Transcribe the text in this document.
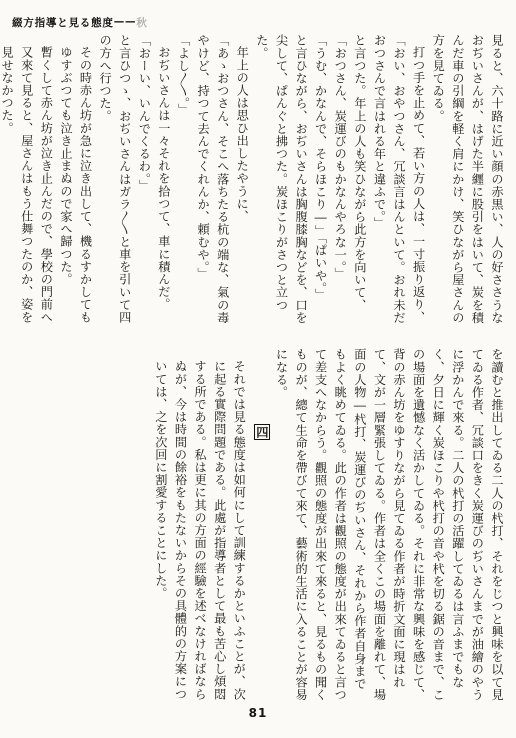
綴方指導と見る態度 —— 秋
見ると、六十路に近い顔の赤黒い、人の好ささうなおぢいさんが、はげた半纒に股引をはいて、炭を積んだ車の引綱を軽く肩にかけ、笑ひながら屋さんの方を見てゐる。
打つ手を止めて、若い方の人は、一寸振り返り、
「おい、おやつさん、冗談言はんといて。おれ未だおつさんで言はれる年と違ふで。」
と言つた。年上の人も笑ひながら此方を向いて、
「おつさん、炭運びのもかなんやろな一。」
「うむ、かなんで、そらほこり―」「ぱいや。」
と言ひながら、おぢいさんは胸腹膝胸などを、口を尖して、ぱんぐと拂つた。炭ほこりがさつと立つた。
年上の人は思ひ出したやうに、
「あゝおつさん、そこへ落ちたる杭の端な、氣の毒やけど、持つて去んでくれんか、頼むや。」
「よし〳〵。」
おぢいさんは一々それを拾つて、車に積んだ。
「おーい、いんでくるわ。」
と言ひつゝ、おぢいさんはガラ〳〵と車を引いて四の方へ行つた。
その時赤ん坊が急に泣き出して、機るすかしてもゆすぶつても泣き止まぬので家へ歸つた。
暫くして赤ん坊が泣き止んだので、學校の門前へ又來て見ると、屋さんはもう仕舞つたのか、姿を見せなかつた。
を讀むと推出してゐる二人の杙打、それをじつと興味を以て見てゐる作者、冗談口をきく炭運びのぢいさんまでが油繪のやうに浮かんで來る。二人の杙打の活躍してゐるは言ふまでもなく、夕日に輝く炭ほこりや杙打の音や杙を切る鋸の音まで、この場面を遺憾なく活かしてゐる。それに非常な興味を感じて、背の赤ん坊をゆすりながら見てゐる作者が時折文面に現はれて、文が一層緊張してゐる。作者は全くこの場面を離れて、場面の人物―杙打、炭運びのぢいさん、それから作者自身までもよく眺めてゐる。此の作者は觀照の態度が出來てゐると言つて差支へなからう。觀照の態度が出來て來ると、見るもの聞くものが、總て生命を帶びて來て、藝術的生活に入ることが容易になる。
四
それでは見る態度は如何にして訓練するかといふことが、次に起る實際問題である。此處が指導者として最も苦心し煩悶する所である。私は更に其の方面の經驗を述べなければならぬが、今は時間の餘裕をもたないからその具體的の方案については、之を次回に割愛することにした。
81
